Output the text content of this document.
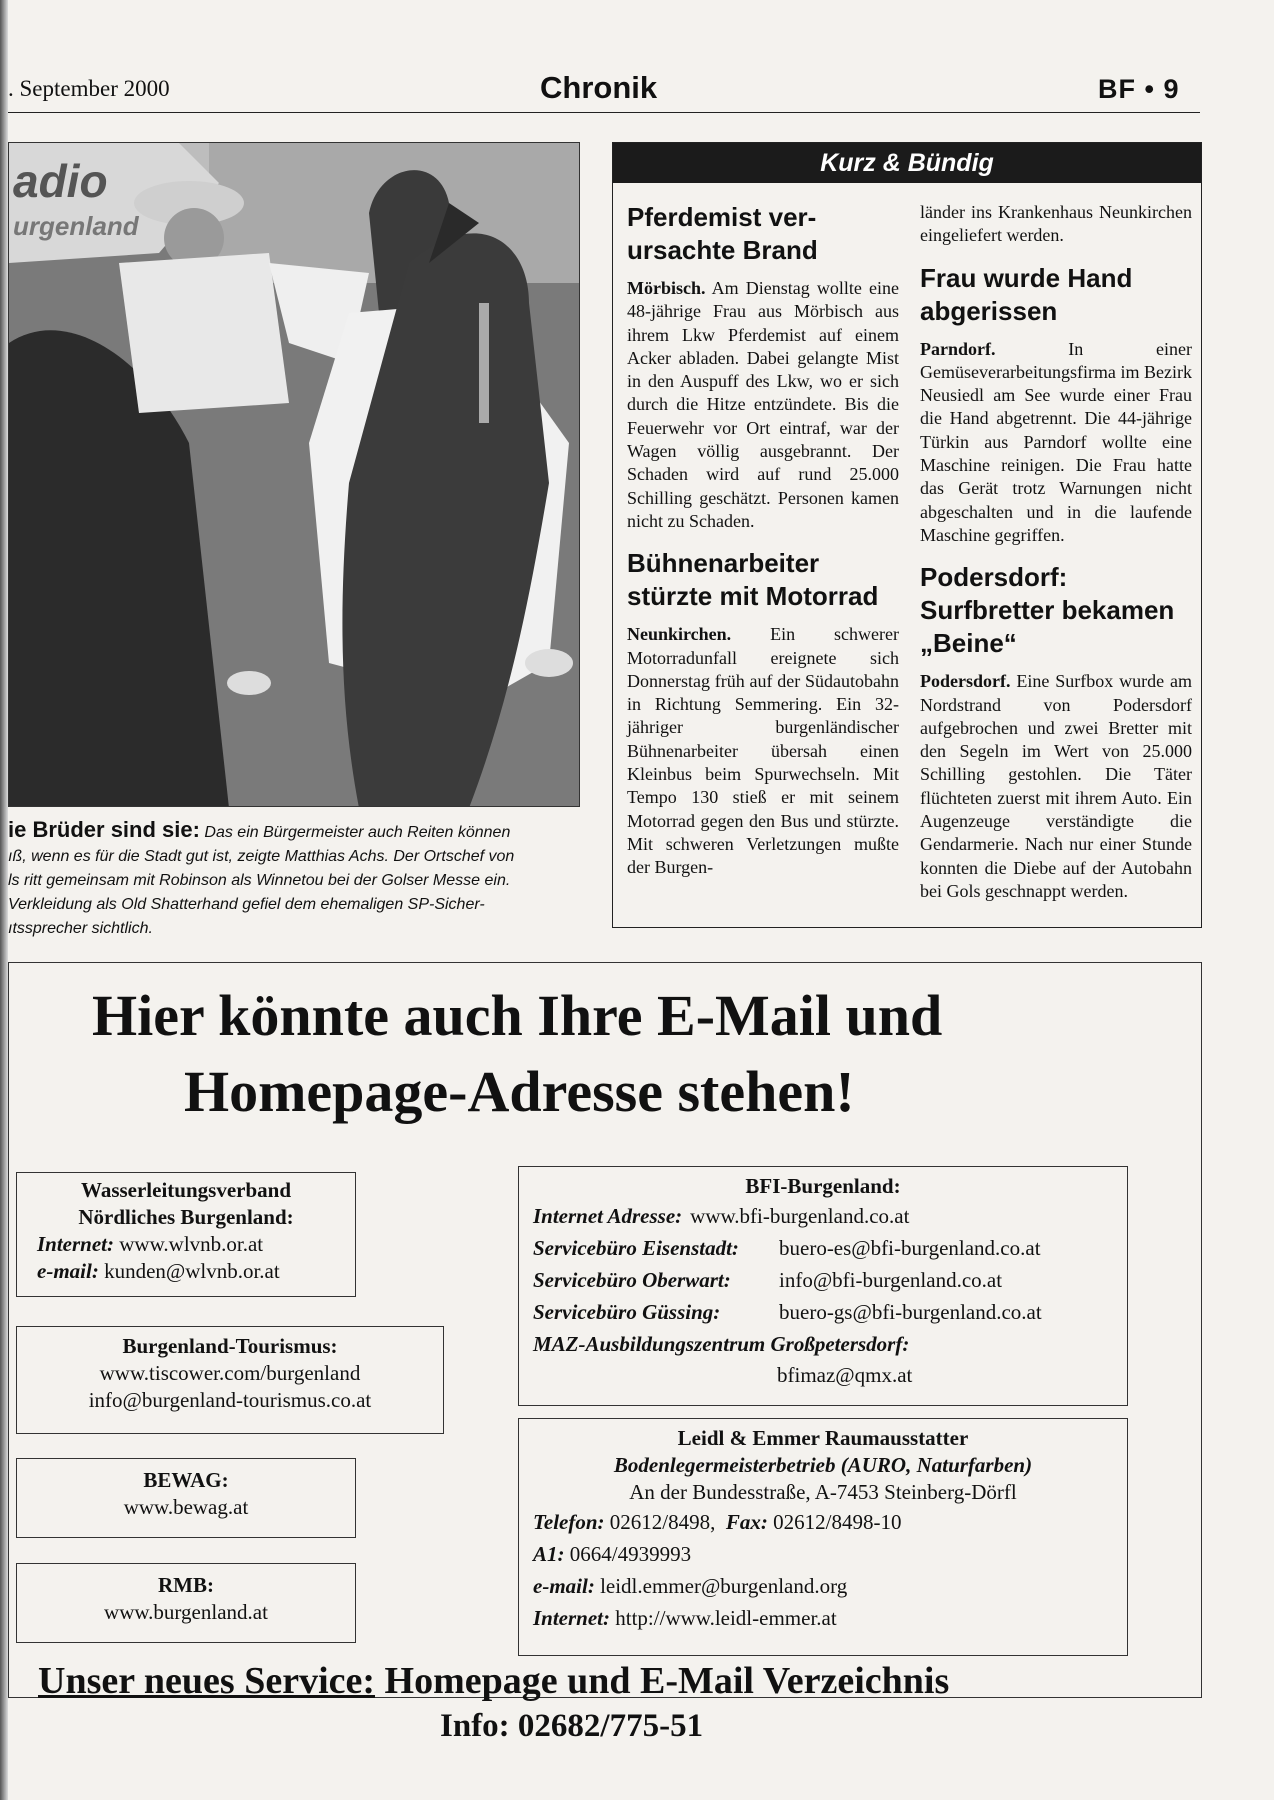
. September 2000	Chronik	BF • 9
adio
urgenland
ie Brüder sind sie: Das ein Bürgermeister auch Reiten können
ıß, wenn es für die Stadt gut ist, zeigte Matthias Achs. Der Ortschef von
ls ritt gemeinsam mit Robinson als Winnetou bei der Golser Messe ein.
Verkleidung als Old Shatterhand gefiel dem ehemaligen SP-Sicher-
ıtssprecher sichtlich.
Kurz & Bündig
Pferdemist ver-ursachte Brand
Mörbisch. Am Dienstag wollte eine 48-jährige Frau aus Mörbisch aus ihrem Lkw Pferdemist auf einem Acker abladen. Dabei gelangte Mist in den Auspuff des Lkw, wo er sich durch die Hitze entzündete. Bis die Feuerwehr vor Ort eintraf, war der Wagen völlig ausgebrannt. Der Schaden wird auf rund 25.000 Schilling geschätzt. Personen kamen nicht zu Schaden.
Bühnenarbeiter stürzte mit Motorrad
Neunkirchen. Ein schwerer Motorradunfall ereignete sich Donnerstag früh auf der Südautobahn in Richtung Semmering. Ein 32-jähriger burgenländischer Bühnenarbeiter übersah einen Kleinbus beim Spurwechseln. Mit Tempo 130 stieß er mit seinem Motorrad gegen den Bus und stürzte. Mit schweren Verletzungen mußte der Burgen-
länder ins Krankenhaus Neunkirchen eingeliefert werden.
Frau wurde Hand abgerissen
Parndorf.	In einer Gemüseverarbeitungsfirma im Bezirk Neusiedl am See wurde einer Frau die Hand abgetrennt. Die 44-jährige Türkin aus Parndorf wollte eine Maschine reinigen. Die Frau hatte das Gerät trotz Warnungen nicht abgeschalten und in die laufende Maschine gegriffen.
Podersdorf: Surfbretter bekamen „Beine“
Podersdorf. Eine Surfbox wurde am Nordstrand von Podersdorf aufgebrochen und zwei Bretter mit den Segeln im Wert von 25.000 Schilling gestohlen. Die Täter flüchteten zuerst mit ihrem Auto. Ein Augenzeuge verständigte die Gendarmerie. Nach nur einer Stunde konnten die Diebe auf der Autobahn bei Gols geschnappt werden.
Hier könnte auch Ihre E-Mail und
Homepage-Adresse stehen!
Wasserleitungsverband
Nördliches Burgenland:
Internet: www.wlvnb.or.at
e-mail: kunden@wlvnb.or.at
Burgenland-Tourismus:
www.tiscower.com/burgenland
info@burgenland-tourismus.co.at
BEWAG:
www.bewag.at
RMB:
www.burgenland.at
BFI-Burgenland:
Internet Adresse: www.bfi-burgenland.co.at
Servicebüro Eisenstadt: buero-es@bfi-burgenland.co.at
Servicebüro Oberwart: info@bfi-burgenland.co.at
Servicebüro Güssing:	buero-gs@bfi-burgenland.co.at
MAZ-Ausbildungszentrum Großpetersdorf:
bfimaz@qmx.at
Leidl & Emmer Raumausstatter
Bodenlegermeisterbetrieb (AURO, Naturfarben)
An der Bundesstraße, A-7453 Steinberg-Dörfl
Telefon: 02612/8498, Fax: 02612/8498-10
A1: 0664/4939993
e-mail: leidl.emmer@burgenland.org
Internet: http://www.leidl-emmer.at
Unser neues Service: Homepage und E-Mail Verzeichnis
Info: 02682/775-51
